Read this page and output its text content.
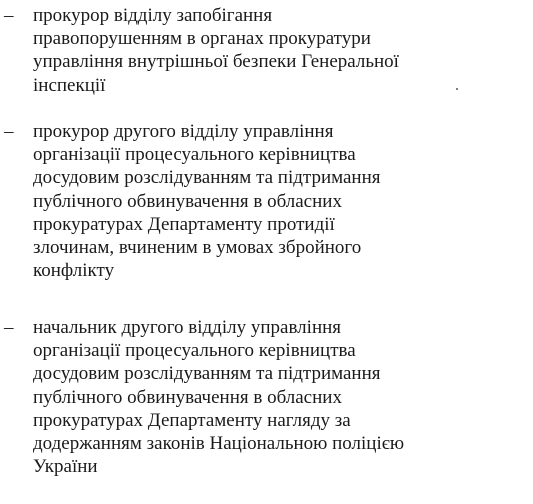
–	прокурор відділу запобігання
правопорушенням в органах прокуратури
управління внутрішньої безпеки Генеральної
інспекції
–	прокурор другого відділу управління
організації процесуального керівництва
досудовим розслідуванням та підтримання
публічного обвинувачення в обласних
прокуратурах Департаменту протидії
злочинам, вчиненим в умовах збройного
конфлікту
–	начальник другого відділу управління
організації процесуального керівництва
досудовим розслідуванням та підтримання
публічного обвинувачення в обласних
прокуратурах Департаменту нагляду за
додержанням законів Національною поліцією
України
